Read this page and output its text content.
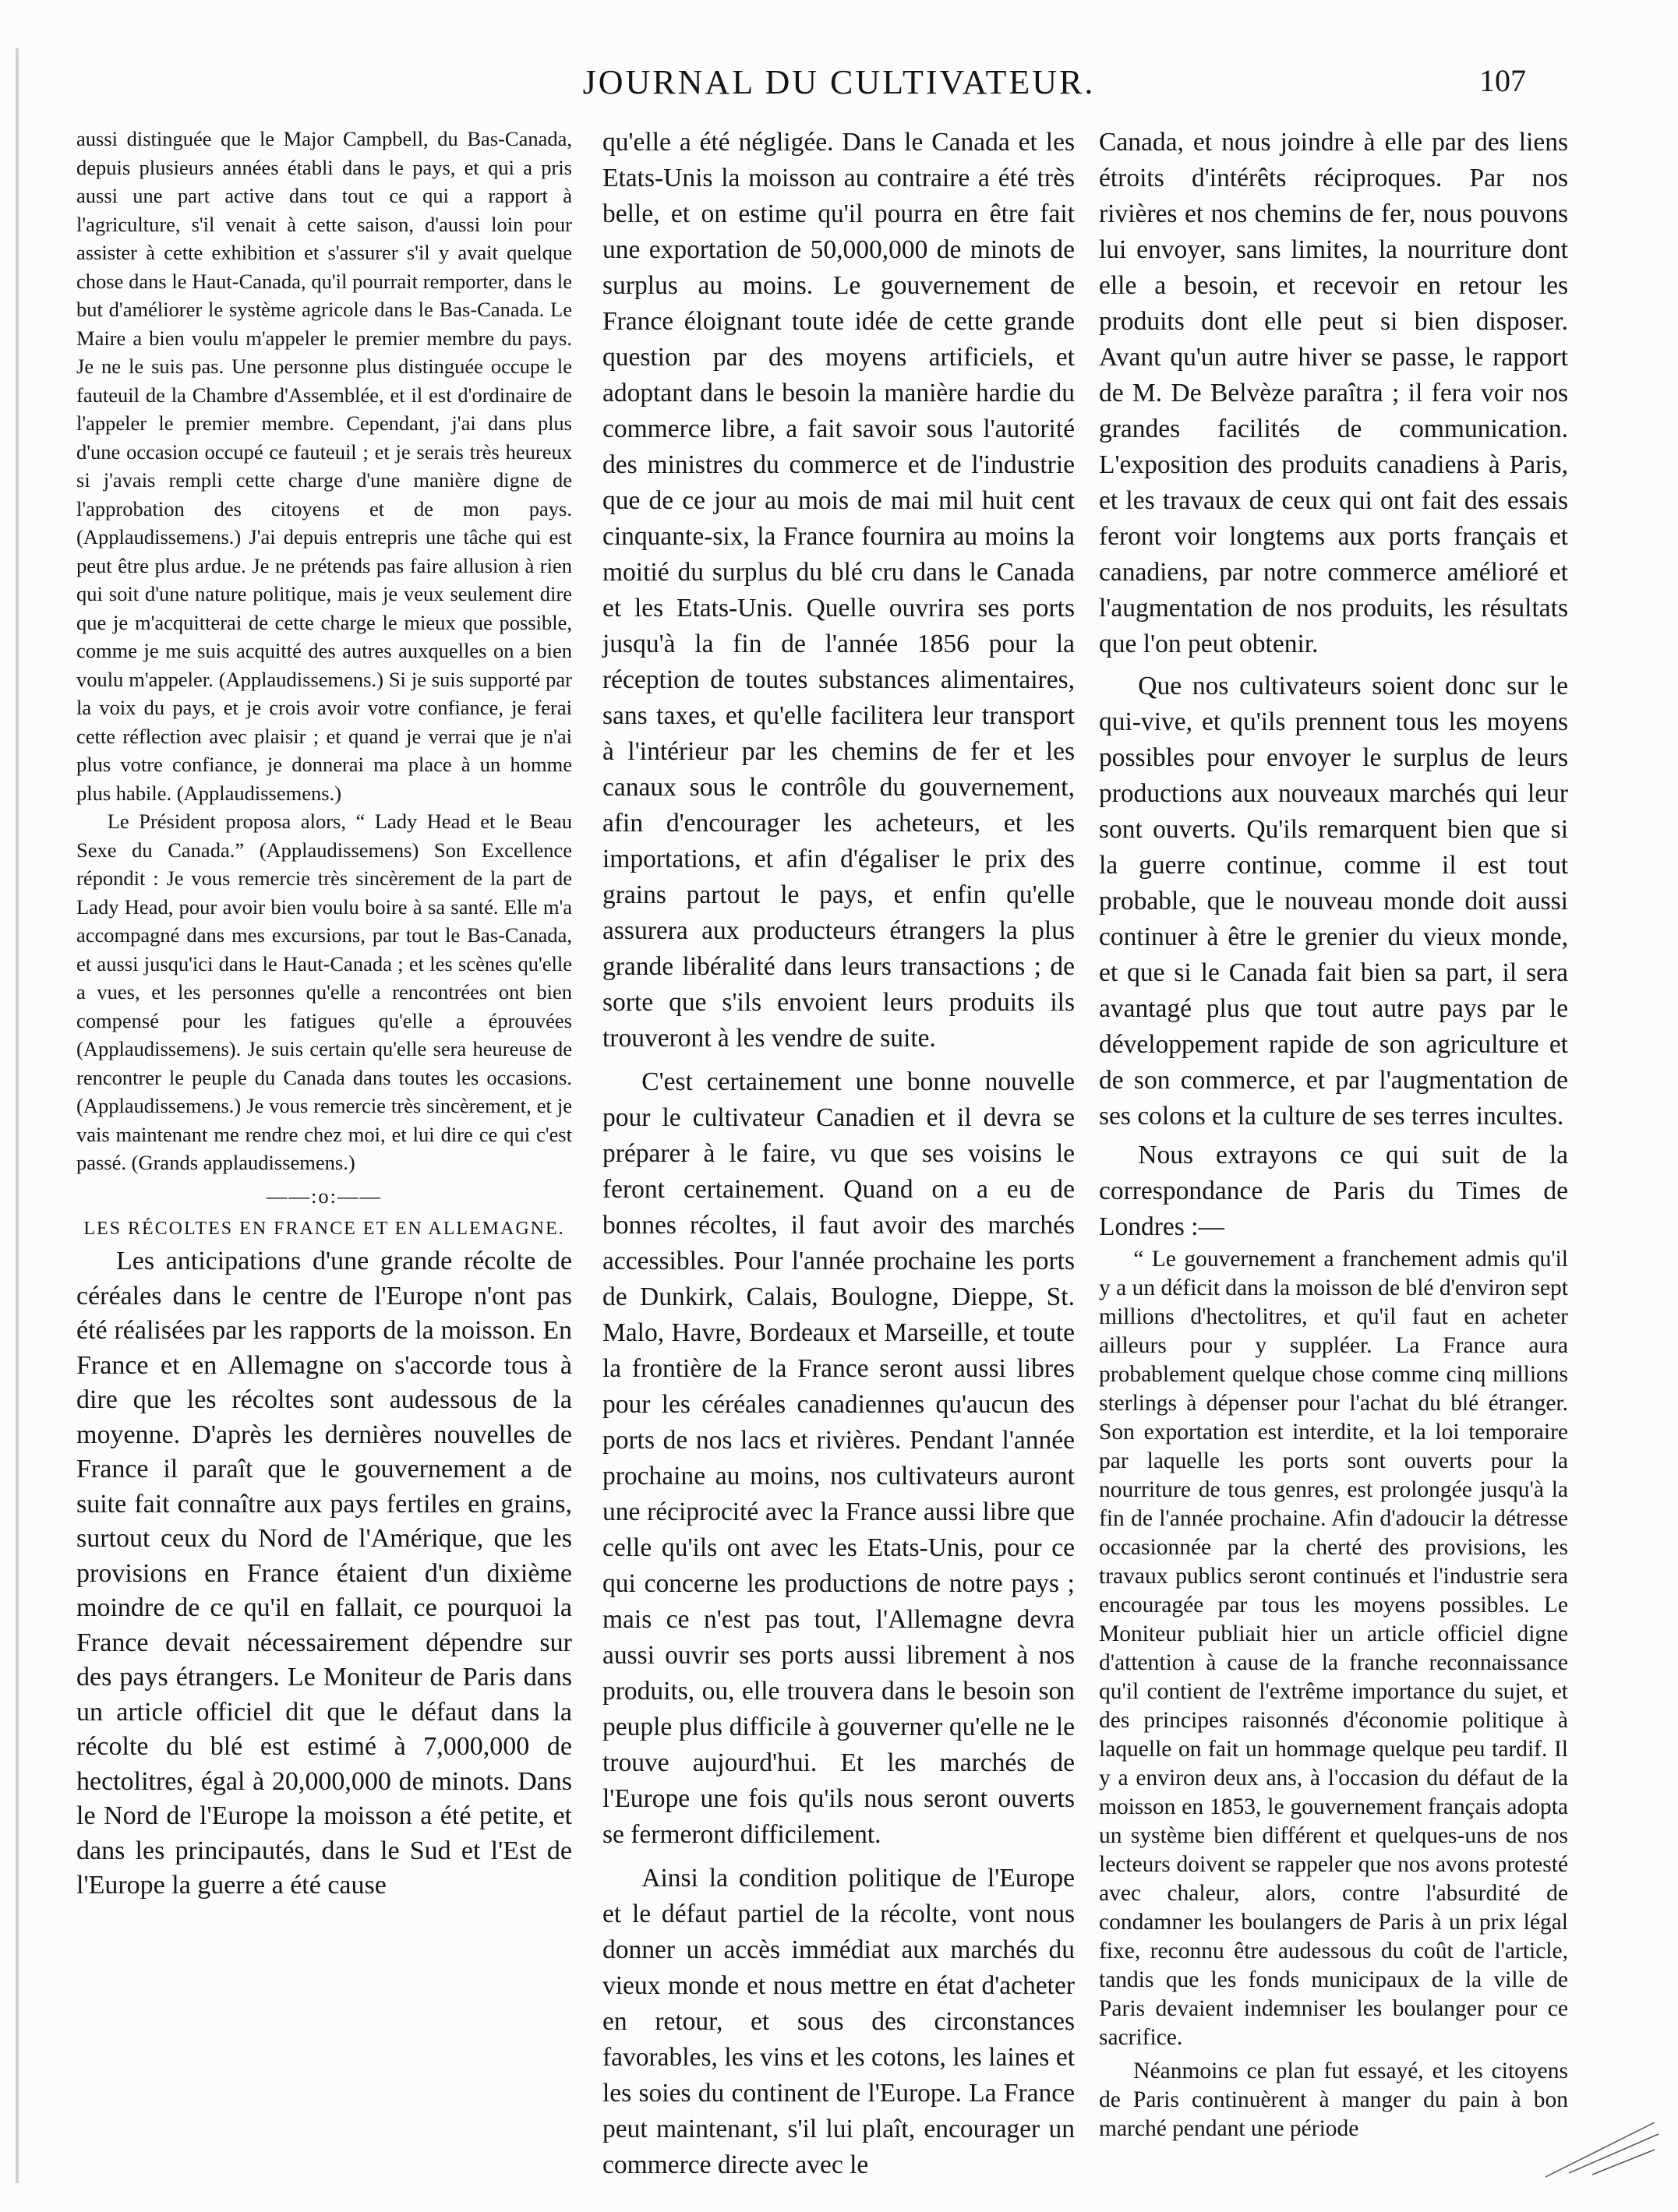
JOURNAL DU CULTIVATEUR.	107

aussi distinguée que le Major Campbell, du Bas-Canada, depuis plusieurs années établi dans le pays, et qui a pris aussi une part active dans tout ce qui a rapport à l'agriculture, s'il venait à cette saison, d'aussi loin pour assister à cette exhibition et s'assurer s'il y avait quelque chose dans le Haut-Canada, qu'il pourrait remporter, dans le but d'améliorer le système agricole dans le Bas-Canada. Le Maire a bien voulu m'appeler le premier membre du pays. Je ne le suis pas. Une personne plus distinguée occupe le fauteuil de la Chambre d'Assemblée, et il est d'ordinaire de l'appeler le premier membre. Cependant, j'ai dans plus d'une occasion occupé ce fauteuil ; et je serais très heureux si j'avais rempli cette charge d'une manière digne de l'approbation des citoyens et de mon pays. (Applaudissemens.) J'ai depuis entrepris une tâche qui est peut être plus ardue. Je ne prétends pas faire allusion à rien qui soit d'une nature politique, mais je veux seulement dire que je m'acquitterai de cette charge le mieux que possible, comme je me suis acquitté des autres auxquelles on a bien voulu m'appeler. (Applaudissemens.) Si je suis supporté par la voix du pays, et je crois avoir votre confiance, je ferai cette réflection avec plaisir ; et quand je verrai que je n'ai plus votre confiance, je donnerai ma place à un homme plus habile. (Applaudissemens.)

Le Président proposa alors, “ Lady Head et le Beau Sexe du Canada.” (Applaudissemens) Son Excellence répondit : Je vous remercie très sincèrement de la part de Lady Head, pour avoir bien voulu boire à sa santé. Elle m'a accompagné dans mes excursions, par tout le Bas-Canada, et aussi jusqu'ici dans le Haut-Canada ; et les scènes qu'elle a vues, et les personnes qu'elle a rencontrées ont bien compensé pour les fatigues qu'elle a éprouvées (Applaudissemens). Je suis certain qu'elle sera heureuse de rencontrer le peuple du Canada dans toutes les occasions. (Applaudissemens.) Je vous remercie très sincèrement, et je vais maintenant me rendre chez moi, et lui dire ce qui c'est passé. (Grands applaudissemens.)

——:o:——

LES RÉCOLTES EN FRANCE ET EN ALLEMAGNE.

Les anticipations d'une grande récolte de céréales dans le centre de l'Europe n'ont pas été réalisées par les rapports de la moisson. En France et en Allemagne on s'accorde tous à dire que les récoltes sont audessous de la moyenne. D'après les dernières nouvelles de France il paraît que le gouvernement a de suite fait connaître aux pays fertiles en grains, surtout ceux du Nord de l'Amérique, que les provisions en France étaient d'un dixième moindre de ce qu'il en fallait, ce pourquoi la France devait nécessairement dépendre sur des pays étrangers. Le Moniteur de Paris dans un article officiel dit que le défaut dans la récolte du blé est estimé à 7,000,000 de hectolitres, égal à 20,000,000 de minots. Dans le Nord de l'Europe la moisson a été petite, et dans les principautés, dans le Sud et l'Est de l'Europe la guerre a été cause

qu'elle a été négligée. Dans le Canada et les Etats-Unis la moisson au contraire a été très belle, et on estime qu'il pourra en être fait une exportation de 50,000,000 de minots de surplus au moins. Le gouvernement de France éloignant toute idée de cette grande question par des moyens artificiels, et adoptant dans le besoin la manière hardie du commerce libre, a fait savoir sous l'autorité des ministres du commerce et de l'industrie que de ce jour au mois de mai mil huit cent cinquante-six, la France fournira au moins la moitié du surplus du blé cru dans le Canada et les Etats-Unis. Quelle ouvrira ses ports jusqu'à la fin de l'année 1856 pour la réception de toutes substances alimentaires, sans taxes, et qu'elle facilitera leur transport à l'intérieur par les chemins de fer et les canaux sous le contrôle du gouvernement, afin d'encourager les acheteurs, et les importations, et afin d'égaliser le prix des grains partout le pays, et enfin qu'elle assurera aux producteurs étrangers la plus grande libéralité dans leurs transactions ; de sorte que s'ils envoient leurs produits ils trouveront à les vendre de suite.

C'est certainement une bonne nouvelle pour le cultivateur Canadien et il devra se préparer à le faire, vu que ses voisins le feront certainement. Quand on a eu de bonnes récoltes, il faut avoir des marchés accessibles. Pour l'année prochaine les ports de Dunkirk, Calais, Boulogne, Dieppe, St. Malo, Havre, Bordeaux et Marseille, et toute la frontière de la France seront aussi libres pour les céréales canadiennes qu'aucun des ports de nos lacs et rivières. Pendant l'année prochaine au moins, nos cultivateurs auront une réciprocité avec la France aussi libre que celle qu'ils ont avec les Etats-Unis, pour ce qui concerne les productions de notre pays ; mais ce n'est pas tout, l'Allemagne devra aussi ouvrir ses ports aussi librement à nos produits, ou, elle trouvera dans le besoin son peuple plus difficile à gouverner qu'elle ne le trouve aujourd'hui. Et les marchés de l'Europe une fois qu'ils nous seront ouverts se fermeront difficilement.

Ainsi la condition politique de l'Europe et le défaut partiel de la récolte, vont nous donner un accès immédiat aux marchés du vieux monde et nous mettre en état d'acheter en retour, et sous des circonstances favorables, les vins et les cotons, les laines et les soies du continent de l'Europe. La France peut maintenant, s'il lui plaît, encourager un commerce directe avec le

Canada, et nous joindre à elle par des liens étroits d'intérêts réciproques. Par nos rivières et nos chemins de fer, nous pouvons lui envoyer, sans limites, la nourriture dont elle a besoin, et recevoir en retour les produits dont elle peut si bien disposer. Avant qu'un autre hiver se passe, le rapport de M. De Belvèze paraîtra ; il fera voir nos grandes facilités de communication. L'exposition des produits canadiens à Paris, et les travaux de ceux qui ont fait des essais feront voir longtems aux ports français et canadiens, par notre commerce amélioré et l'augmentation de nos produits, les résultats que l'on peut obtenir.

Que nos cultivateurs soient donc sur le qui-vive, et qu'ils prennent tous les moyens possibles pour envoyer le surplus de leurs productions aux nouveaux marchés qui leur sont ouverts. Qu'ils remarquent bien que si la guerre continue, comme il est tout probable, que le nouveau monde doit aussi continuer à être le grenier du vieux monde, et que si le Canada fait bien sa part, il sera avantagé plus que tout autre pays par le développement rapide de son agriculture et de son commerce, et par l'augmentation de ses colons et la culture de ses terres incultes.

Nous extrayons ce qui suit de la correspondance de Paris du Times de Londres :—

“ Le gouvernement a franchement admis qu'il y a un déficit dans la moisson de blé d'environ sept millions d'hectolitres, et qu'il faut en acheter ailleurs pour y suppléer. La France aura probablement quelque chose comme cinq millions sterlings à dépenser pour l'achat du blé étranger. Son exportation est interdite, et la loi temporaire par laquelle les ports sont ouverts pour la nourriture de tous genres, est prolongée jusqu'à la fin de l'année prochaine. Afin d'adoucir la détresse occasionnée par la cherté des provisions, les travaux publics seront continués et l'industrie sera encouragée par tous les moyens possibles. Le Moniteur publiait hier un article officiel digne d'attention à cause de la franche reconnaissance qu'il contient de l'extrême importance du sujet, et des principes raisonnés d'économie politique à laquelle on fait un hommage quelque peu tardif. Il y a environ deux ans, à l'occasion du défaut de la moisson en 1853, le gouvernement français adopta un système bien différent et quelques-uns de nos lecteurs doivent se rappeler que nos avons protesté avec chaleur, alors, contre l'absurdité de condamner les boulangers de Paris à un prix légal fixe, reconnu être audessous du coût de l'article, tandis que les fonds municipaux de la ville de Paris devaient indemniser les boulanger pour ce sacrifice.

Néanmoins ce plan fut essayé, et les citoyens de Paris continuèrent à manger du pain à bon marché pendant une période
